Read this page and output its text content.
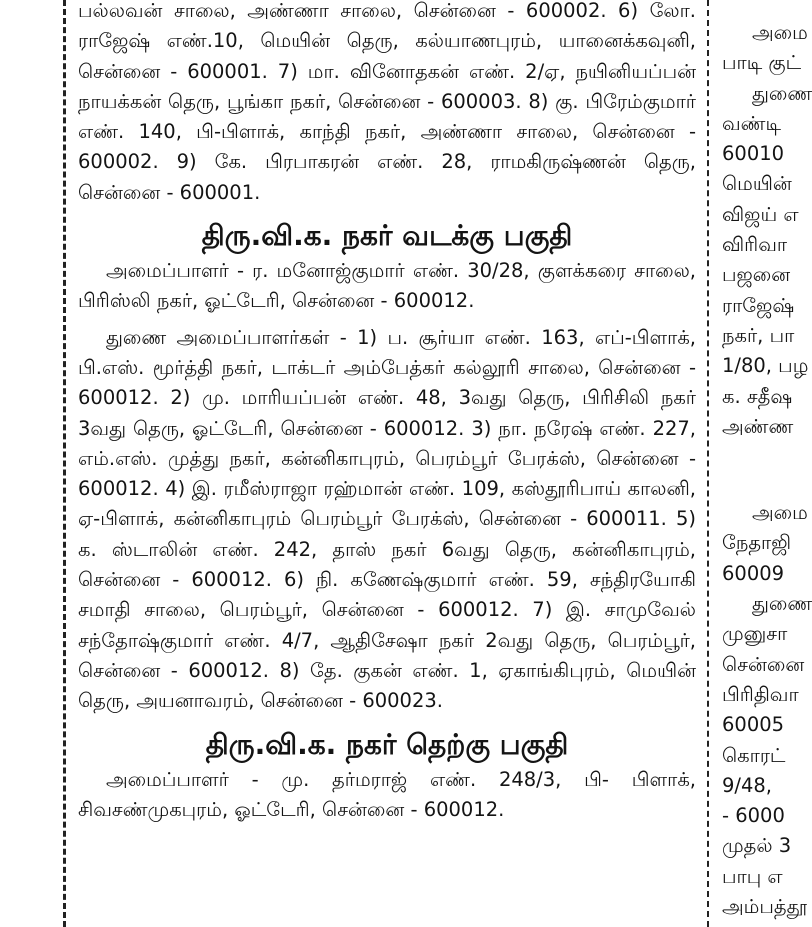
பல்லவன் சாலை, அண்ணா சாலை, சென்னை - 600002. 6) லோ. ராஜேஷ் எண்.10, மெயின் தெரு, கல்யாணபுரம், யானைக்கவுனி, சென்னை - 600001. 7) மா. வினோதகன் எண். 2/ஏ, நயினியப்பன் நாயக்கன் தெரு, பூங்கா நகர், சென்னை - 600003. 8) கு. பிரேம்குமார் எண். 140, பி-பிளாக், காந்தி நகர், அண்ணா சாலை, சென்னை - 600002. 9) கே. பிரபாகரன் எண். 28, ராமகிருஷ்ணன் தெரு, சென்னை - 600001.

திரு.வி.க. நகர் வடக்கு பகுதி

அமைப்பாளர் - ர. மனோஜ்குமார் எண். 30/28, குளக்கரை சாலை, பிரிஸ்லி நகர், ஓட்டேரி, சென்னை - 600012.

துணை அமைப்பாளர்கள் - 1) ப. சூர்யா எண். 163, எப்-பிளாக், பி.எஸ். மூர்த்தி நகர், டாக்டர் அம்பேத்கர் கல்லூரி சாலை, சென்னை - 600012. 2) மு. மாரியப்பன் எண். 48, 3வது தெரு, பிரிசிலி நகர் 3வது தெரு, ஓட்டேரி, சென்னை - 600012. 3) நா. நரேஷ் எண். 227, எம்.எஸ். முத்து நகர், கன்னிகாபுரம், பெரம்பூர் பேரக்ஸ், சென்னை - 600012. 4) இ. ரமீஸ்ராஜா ரஹ்மான் எண். 109, கஸ்தூரிபாய் காலனி, ஏ-பிளாக், கன்னிகாபுரம் பெரம்பூர் பேரக்ஸ், சென்னை - 600011. 5) க. ஸ்டாலின் எண். 242, தாஸ் நகர் 6வது தெரு, கன்னிகாபுரம், சென்னை - 600012. 6) நி. கணேஷ்குமார் எண். 59, சந்திரயோகி சமாதி சாலை, பெரம்பூர், சென்னை - 600012. 7) இ. சாமுவேல் சந்தோஷ்குமார் எண். 4/7, ஆதிசேஷா நகர் 2வது தெரு, பெரம்பூர், சென்னை - 600012. 8) தே. குகன் எண். 1, ஏகாங்கிபுரம், மெயின் தெரு, அயனாவரம், சென்னை - 600023.

திரு.வி.க. நகர் தெற்கு பகுதி

அமைப்பாளர் - மு. தர்மராஜ் எண். 248/3, பி- பிளாக், சிவசண்முகபுரம், ஓட்டேரி, சென்னை - 600012.

அமை

பாடி குட்

துணை

வண்டி

60010

மெயின்

விஜய் எ

விரிவா

பஜனை

ராஜேஷ்

நகர், பா

1/80, பழ

க. சதீஷ

அண்ண

அமை

நேதாஜி

60009

துணை

முனுசா

சென்னை

பிரிதிவா

60005

கொரட்

9/48,

- 6000

முதல் 3

பாபு எ

அம்பத்தூ
